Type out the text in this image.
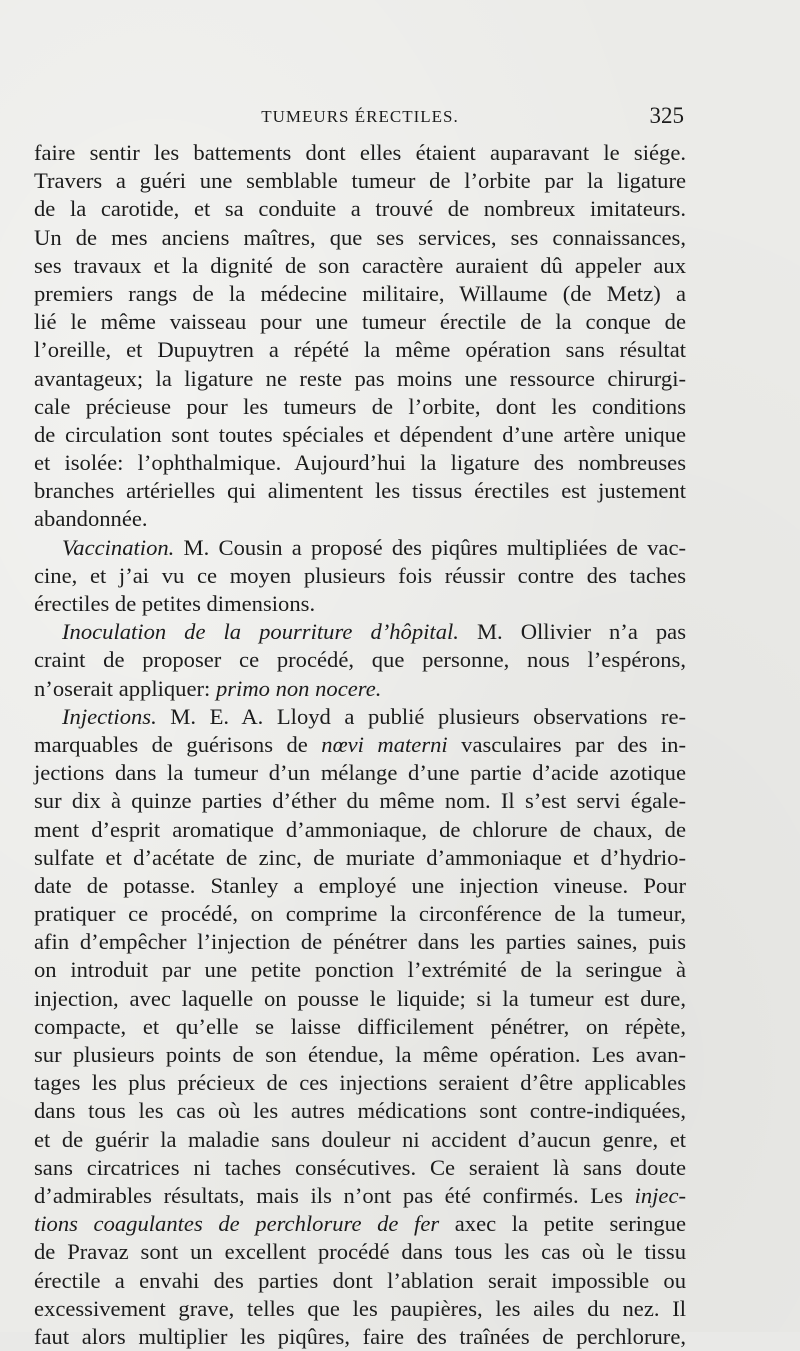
TUMEURS ÉRECTILES.	325
faire sentir les battements dont elles étaient auparavant le siége.
Travers a guéri une semblable tumeur de l’orbite par la ligature
de la carotide, et sa conduite a trouvé de nombreux imitateurs.
Un de mes anciens maîtres, que ses services, ses connaissances,
ses travaux et la dignité de son caractère auraient dû appeler aux
premiers rangs de la médecine militaire, Willaume (de Metz) a
lié le même vaisseau pour une tumeur érectile de la conque de
l’oreille, et Dupuytren a répété la même opération sans résultat
avantageux; la ligature ne reste pas moins une ressource chirurgi-
cale précieuse pour les tumeurs de l’orbite, dont les conditions
de circulation sont toutes spéciales et dépendent d’une artère unique
et isolée: l’ophthalmique. Aujourd’hui la ligature des nombreuses
branches artérielles qui alimentent les tissus érectiles est justement
abandonnée.
Vaccination. M. Cousin a proposé des piqûres multipliées de vac-
cine, et j’ai vu ce moyen plusieurs fois réussir contre des taches
érectiles de petites dimensions.
Inoculation de la pourriture d’hôpital. M. Ollivier n’a pas
craint de proposer ce procédé, que personne, nous l’espérons,
n’oserait appliquer: primo non nocere.
Injections. M. E. A. Lloyd a publié plusieurs observations re-
marquables de guérisons de nœvi materni vasculaires par des in-
jections dans la tumeur d’un mélange d’une partie d’acide azotique
sur dix à quinze parties d’éther du même nom. Il s’est servi égale-
ment d’esprit aromatique d’ammoniaque, de chlorure de chaux, de
sulfate et d’acétate de zinc, de muriate d’ammoniaque et d’hydrio-
date de potasse. Stanley a employé une injection vineuse. Pour
pratiquer ce procédé, on comprime la circonférence de la tumeur,
afin d’empêcher l’injection de pénétrer dans les parties saines, puis
on introduit par une petite ponction l’extrémité de la seringue à
injection, avec laquelle on pousse le liquide; si la tumeur est dure,
compacte, et qu’elle se laisse difficilement pénétrer, on répète,
sur plusieurs points de son étendue, la même opération. Les avan-
tages les plus précieux de ces injections seraient d’être applicables
dans tous les cas où les autres médications sont contre-indiquées,
et de guérir la maladie sans douleur ni accident d’aucun genre, et
sans circatrices ni taches consécutives. Ce seraient là sans doute
d’admirables résultats, mais ils n’ont pas été confirmés. Les injec-
tions coagulantes de perchlorure de fer axec la petite seringue
de Pravaz sont un excellent procédé dans tous les cas où le tissu
érectile a envahi des parties dont l’ablation serait impossible ou
excessivement grave, telles que les paupières, les ailes du nez. Il
faut alors multiplier les piqûres, faire des traînées de perchlorure,
